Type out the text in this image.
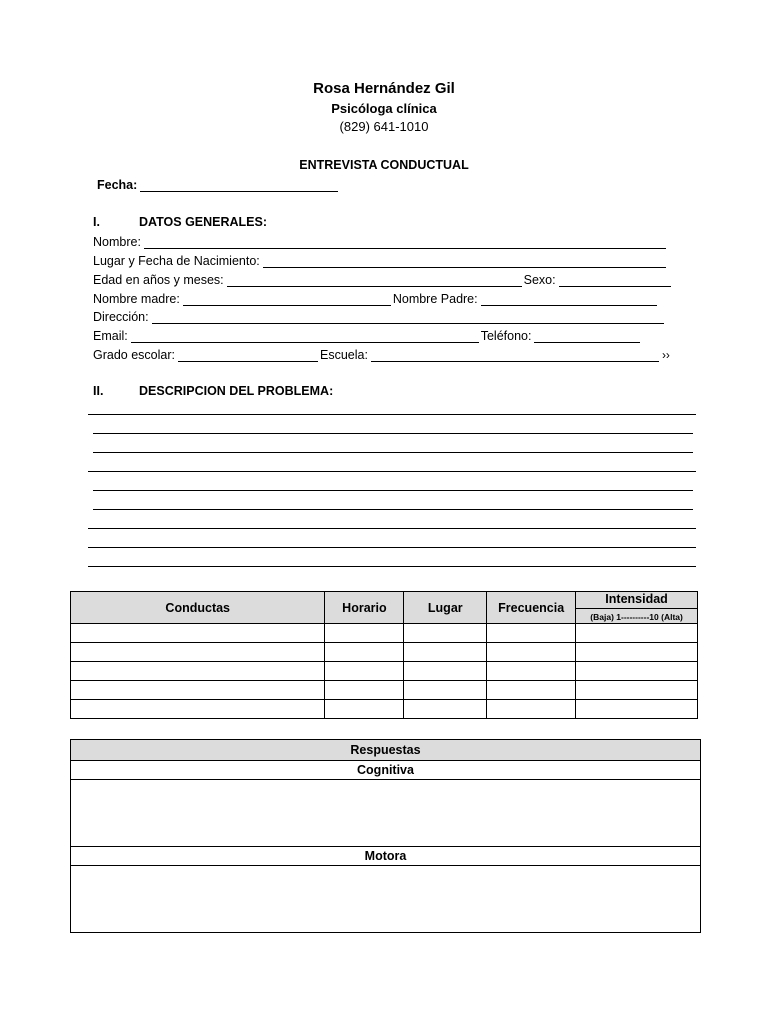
Rosa Hernández Gil
Psicóloga clínica
(829) 641-1010
ENTREVISTA CONDUCTUAL
Fecha:
I.	DATOS GENERALES:
Nombre:
Lugar y Fecha de Nacimiento:
Edad en años y meses:	Sexo:
Nombre madre:	Nombre Padre:
Dirección:
Email:	Teléfono:
Grado escolar:	Escuela:	››
II.	DESCRIPCION DEL PROBLEMA:
Conductas	Horario	Lugar	Frecuencia	Intensidad
(Baja) 1----------10 (Alta)

Respuestas
Cognitiva

Motora
